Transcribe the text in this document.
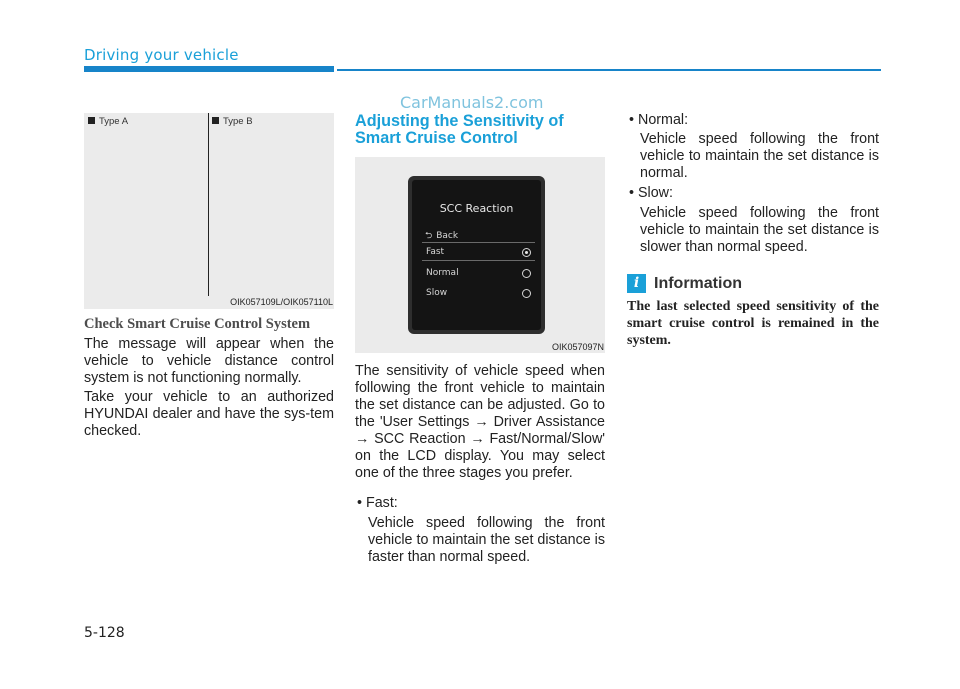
Driving your vehicle
CarManuals2.com
Type A	Type B
OIK057109L/OIK057110L
Check Smart Cruise Control System
The message will appear when the vehicle to vehicle distance control system is not functioning normally.
Take your vehicle to an authorized HYUNDAI dealer and have the sys-tem checked.
Adjusting the Sensitivity of
Smart Cruise Control
SCC Reaction
⮌ Back
Fast
Normal
Slow
OIK057097N
The sensitivity of vehicle speed when following the front vehicle to maintain the set distance can be adjusted. Go to the 'User Settings → Driver Assistance → SCC Reaction → Fast/Normal/Slow' on the LCD display. You may select one of the three stages you prefer.
• Fast:
Vehicle speed following the front vehicle to maintain the set distance is faster than normal speed.
• Normal:
Vehicle speed following the front vehicle to maintain the set distance is normal.
• Slow:
Vehicle speed following the front vehicle to maintain the set distance is slower than normal speed.
i Information
The last selected speed sensitivity of the smart cruise control is remained in the system.
5-128
